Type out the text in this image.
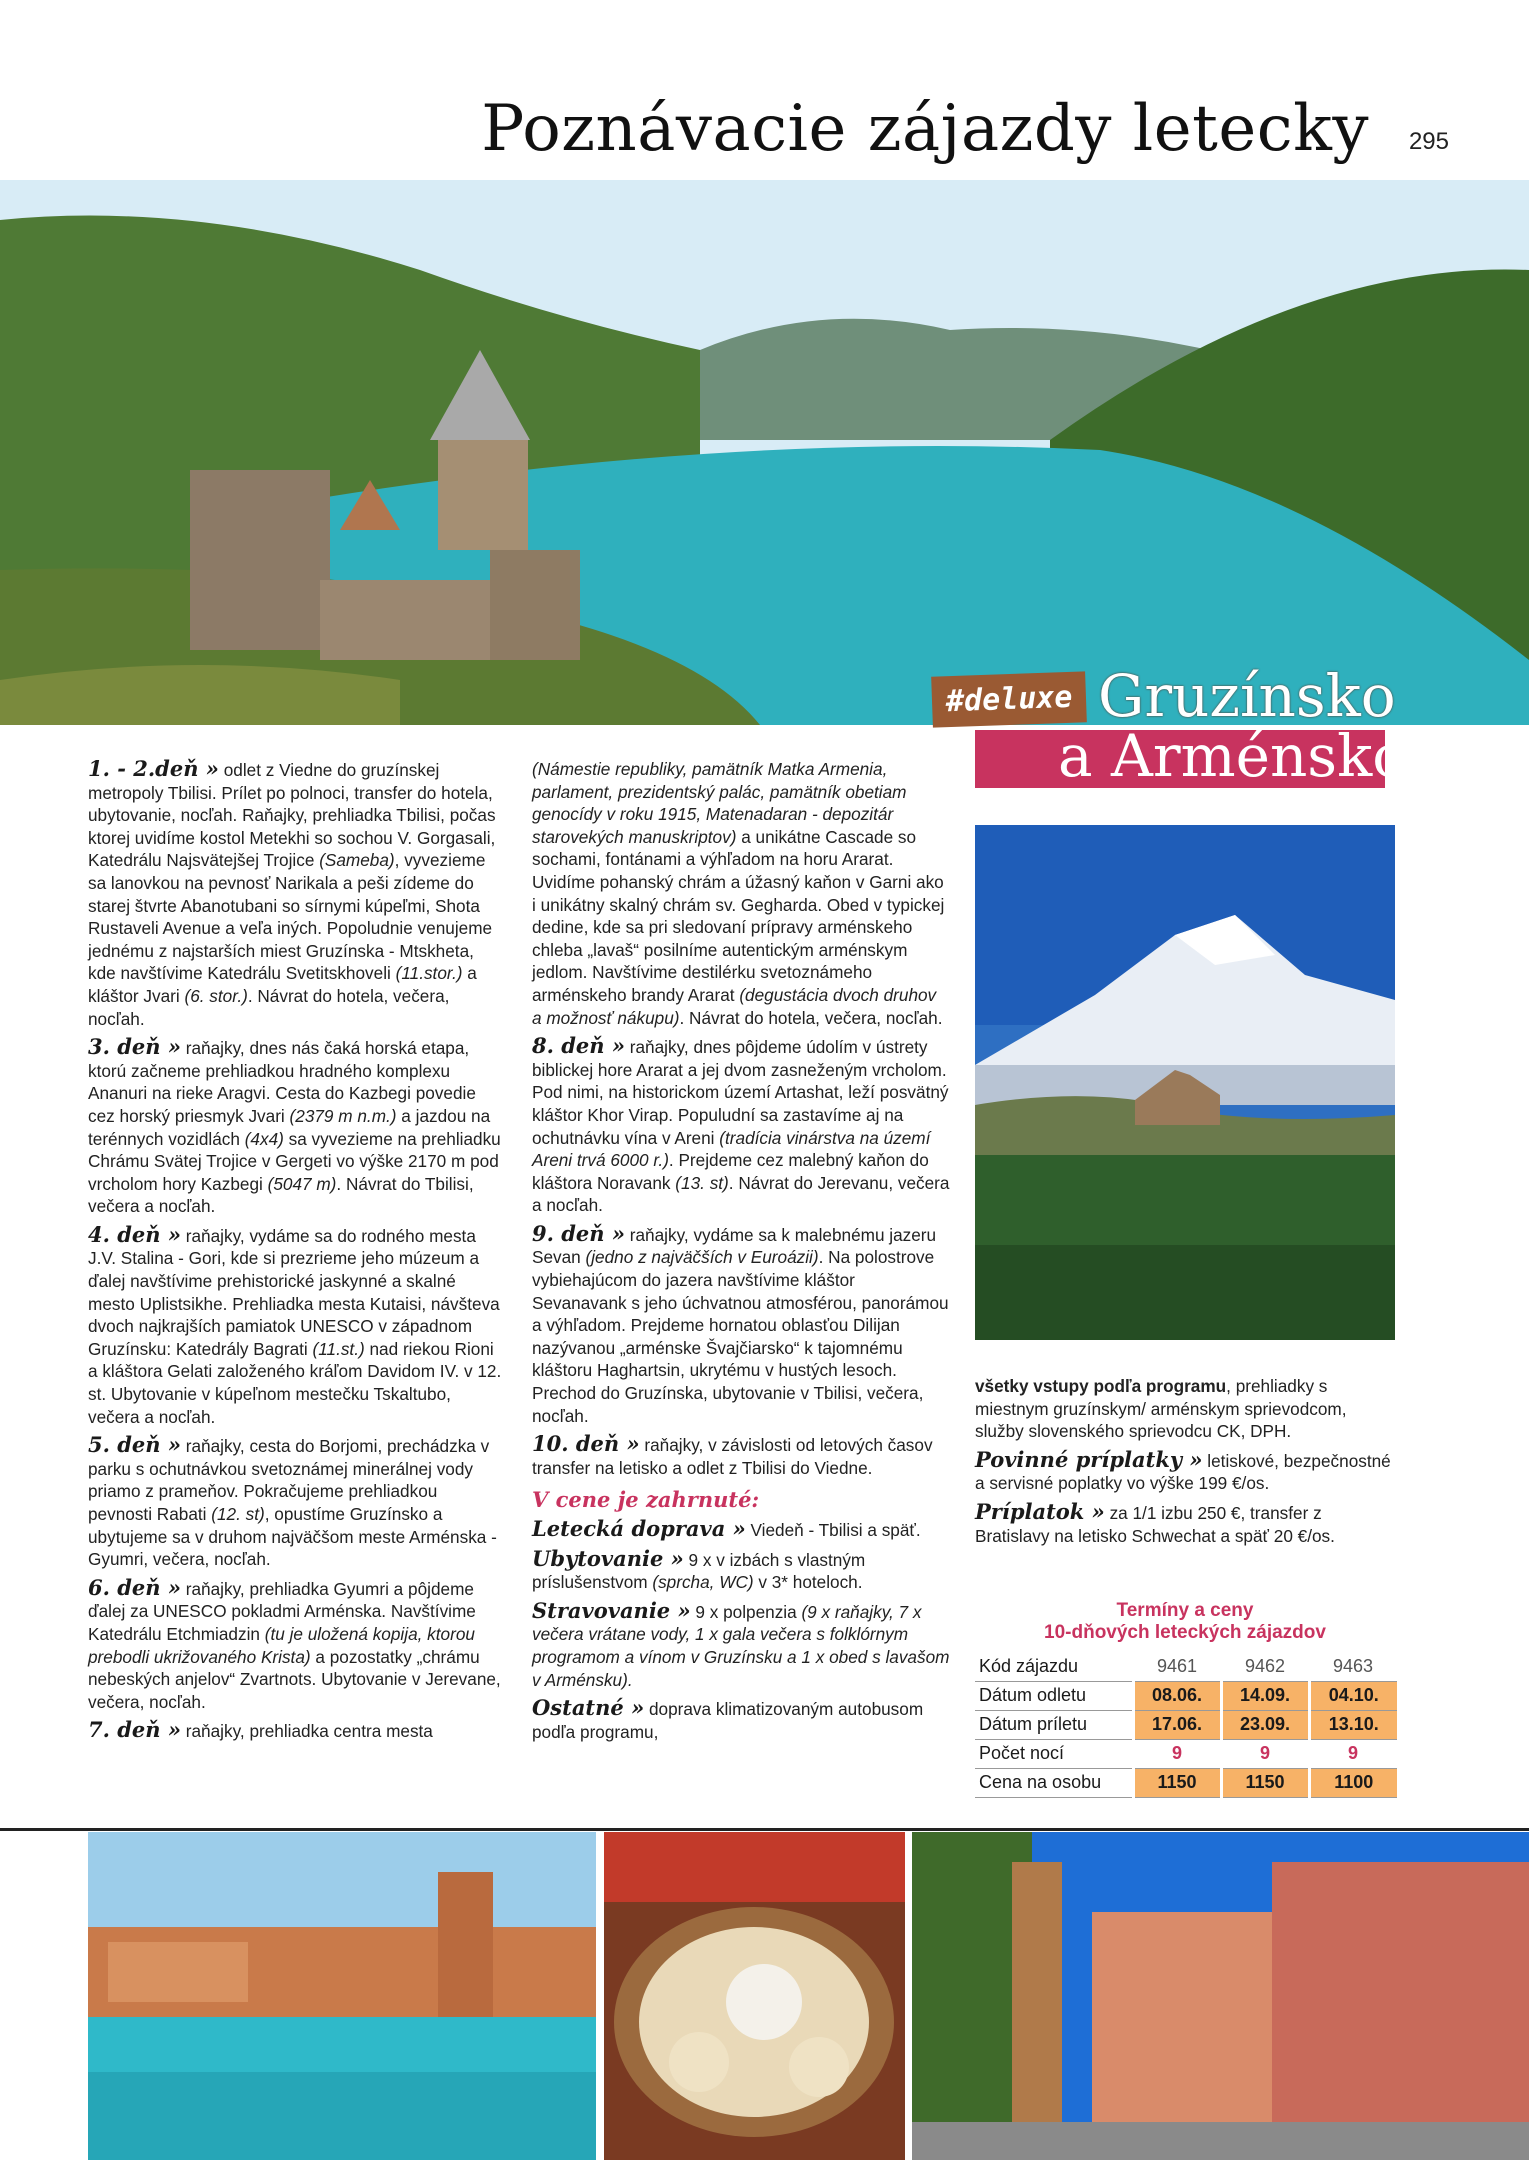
Poznávacie zájazdy letecky 295
#deluxe Gruzínsko
a Arménsko

1. - 2.deň » odlet z Viedne do gruzínskej metropoly Tbilisi. Prílet po polnoci, transfer do hotela, ubytovanie, nocľah. Raňajky, prehliadka Tbilisi, počas ktorej uvidíme kostol Metekhi so sochou V. Gorgasali, Katedrálu Najsvätejšej Trojice (Sameba), vyvezieme sa lanovkou na pevnosť Narikala a peši zídeme do starej štvrte Abanotubani so sírnymi kúpeľmi, Shota Rustaveli Avenue a veľa iných. Popoludnie venujeme jednému z najstarších miest Gruzínska - Mtskheta, kde navštívime Katedrálu Svetitskhoveli (11.stor.) a kláštor Jvari (6. stor.). Návrat do hotela, večera, nocľah.

3. deň » raňajky, dnes nás čaká horská etapa, ktorú začneme prehliadkou hradného komplexu Ananuri na rieke Aragvi. Cesta do Kazbegi povedie cez horský priesmyk Jvari (2379 m n.m.) a jazdou na terénnych vozidlách (4x4) sa vyvezieme na prehliadku Chrámu Svätej Trojice v Gergeti vo výške 2170 m pod vrcholom hory Kazbegi (5047 m). Návrat do Tbilisi, večera a nocľah.

4. deň » raňajky, vydáme sa do rodného mesta J.V. Stalina - Gori, kde si prezrieme jeho múzeum a ďalej navštívime prehistorické jaskynné a skalné mesto Uplistsikhe. Prehliadka mesta Kutaisi, návšteva dvoch najkrajších pamiatok UNESCO v západnom Gruzínsku: Katedrály Bagrati (11.st.) nad riekou Rioni a kláštora Gelati založeného kráľom Davidom IV. v 12. st. Ubytovanie v kúpeľnom mestečku Tskaltubo, večera a nocľah.

5. deň » raňajky, cesta do Borjomi, prechádzka v parku s ochutnávkou svetoznámej minerálnej vody priamo z prameňov. Pokračujeme prehliadkou pevnosti Rabati (12. st), opustíme Gruzínsko a ubytujeme sa v druhom najväčšom meste Arménska - Gyumri, večera, nocľah.

6. deň » raňajky, prehliadka Gyumri a pôjdeme ďalej za UNESCO pokladmi Arménska. Navštívime Katedrálu Etchmiadzin (tu je uložená kopija, ktorou prebodli ukrižovaného Krista) a pozostatky „chrámu nebeských anjelov“ Zvartnots. Ubytovanie v Jerevane, večera, nocľah.

7. deň » raňajky, prehliadka centra mesta

(Námestie republiky, pamätník Matka Armenia, parlament, prezidentský palác, pamätník obetiam genocídy v roku 1915, Matenadaran - depozitár starovekých manuskriptov) a unikátne Cascade so sochami, fontánami a výhľadom na horu Ararat. Uvidíme pohanský chrám a úžasný kaňon v Garni ako i unikátny skalný chrám sv. Gegharda. Obed v typickej dedine, kde sa pri sledovaní prípravy arménskeho chleba „lavaš“ posilníme autentickým arménskym jedlom. Navštívime destilérku svetoznámeho arménskeho brandy Ararat (degustácia dvoch druhov a možnosť nákupu). Návrat do hotela, večera, nocľah.

8. deň » raňajky, dnes pôjdeme údolím v ústrety biblickej hore Ararat a jej dvom zasneženým vrcholom. Pod nimi, na historickom území Artashat, leží posvätný kláštor Khor Virap. Populudní sa zastavíme aj na ochutnávku vína v Areni (tradícia vinárstva na území Areni trvá 6000 r.). Prejdeme cez malebný kaňon do kláštora Noravank (13. st). Návrat do Jerevanu, večera a nocľah.

9. deň » raňajky, vydáme sa k malebnému jazeru Sevan (jedno z najväčších v Euroázii). Na polostrove vybiehajúcom do jazera navštívime kláštor Sevanavank s jeho úchvatnou atmosférou, panorámou a výhľadom. Prejdeme hornatou oblasťou Dilijan nazývanou „arménske Švajčiarsko“ k tajomnému kláštoru Haghartsin, ukrytému v hustých lesoch. Prechod do Gruzínska, ubytovanie v Tbilisi, večera, nocľah.

10. deň » raňajky, v závislosti od letových časov transfer na letisko a odlet z Tbilisi do Viedne.

V cene je zahrnuté:

Letecká doprava » Viedeň - Tbilisi a späť.

Ubytovanie » 9 x v izbách s vlastným príslušenstvom (sprcha, WC) v 3* hoteloch.

Stravovanie » 9 x polpenzia (9 x raňajky, 7 x večera vrátane vody, 1 x gala večera s folklórnym programom a vínom v Gruzínsku a 1 x obed s lavašom v Arménsku).

Ostatné » doprava klimatizovaným autobusom podľa programu,

všetky vstupy podľa programu, prehliadky s miestnym gruzínskym/ arménskym sprievodcom, služby slovenského sprievodcu CK, DPH.

Povinné príplatky » letiskové, bezpečnostné a servisné poplatky vo výške 199 €/os.

Príplatok » za 1/1 izbu 250 €, transfer z Bratislavy na letisko Schwechat a späť 20 €/os.

Termíny a ceny
10-dňových leteckých zájazdov
Kód zájazdu	9461	9462	9463
Dátum odletu	08.06.	14.09.	04.10.
Dátum príletu	17.06.	23.09.	13.10.
Počet nocí	9	9	9
Cena na osobu	1150	1150	1100
